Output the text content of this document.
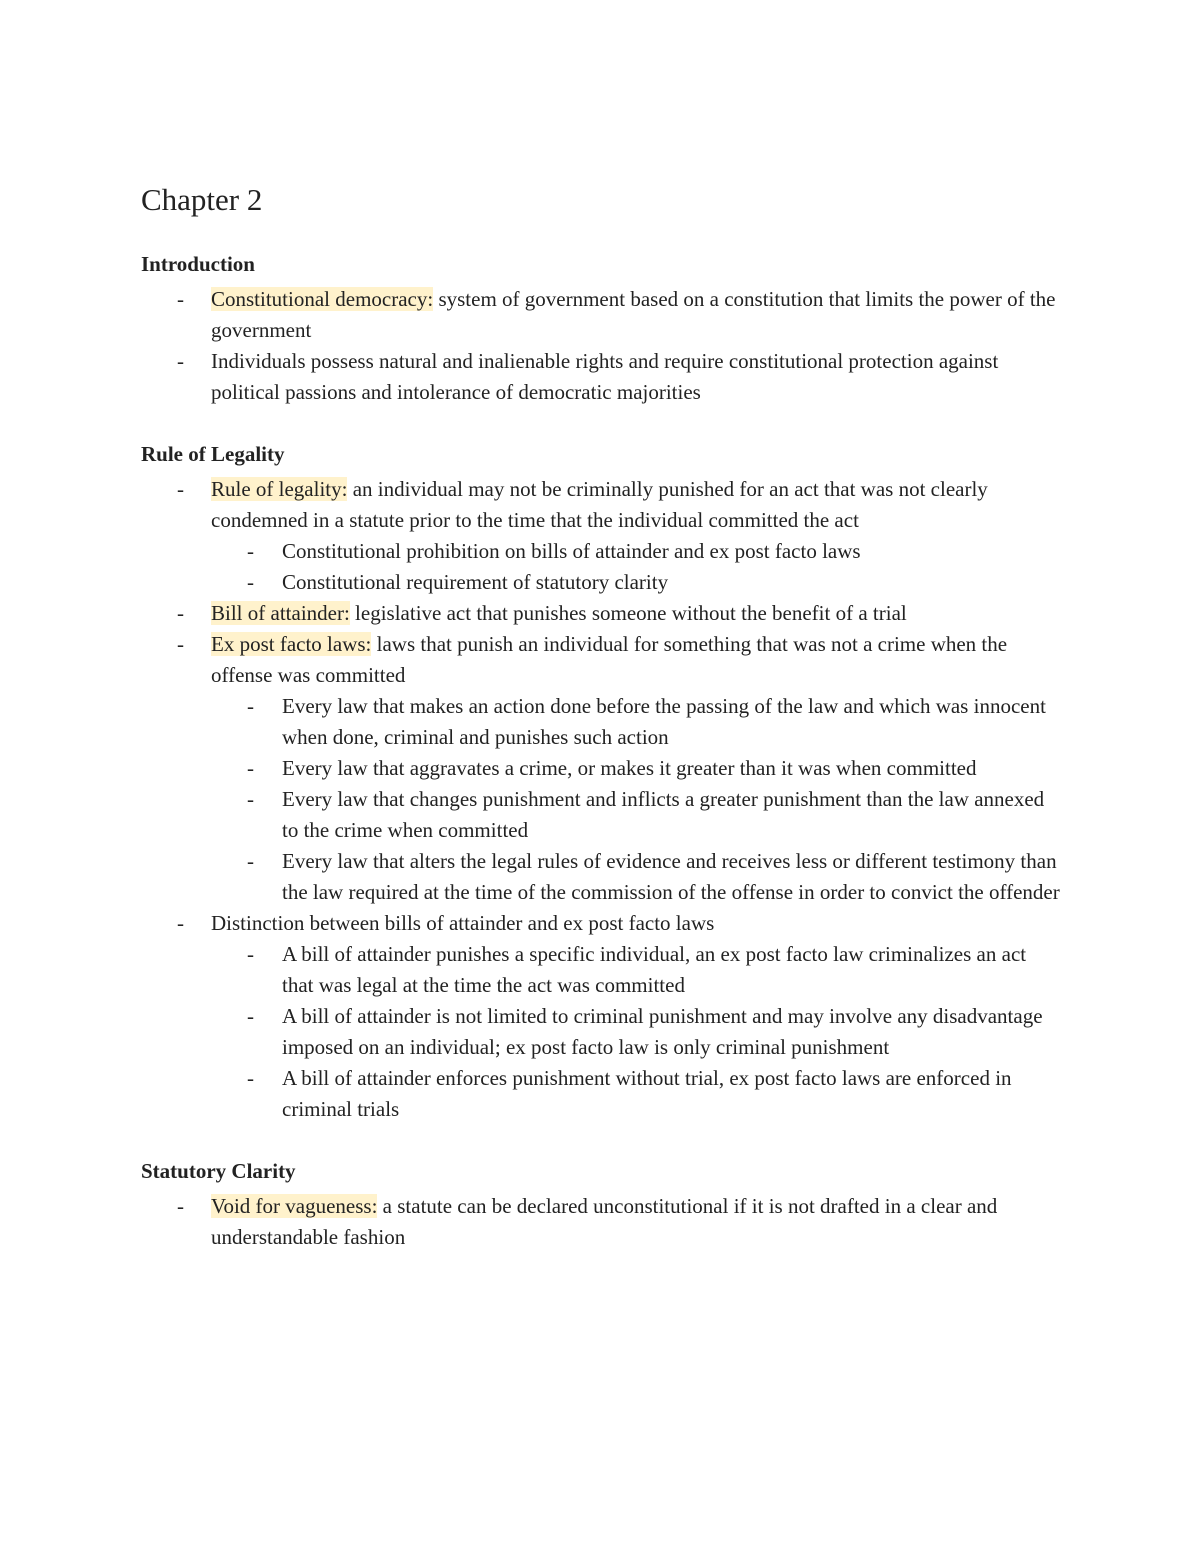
Chapter 2
Introduction
- Constitutional democracy: system of government based on a constitution that limits the power of the government
- Individuals possess natural and inalienable rights and require constitutional protection against political passions and intolerance of democratic majorities
Rule of Legality
- Rule of legality: an individual may not be criminally punished for an act that was not clearly condemned in a statute prior to the time that the individual committed the act
- Constitutional prohibition on bills of attainder and ex post facto laws
- Constitutional requirement of statutory clarity
- Bill of attainder: legislative act that punishes someone without the benefit of a trial
- Ex post facto laws: laws that punish an individual for something that was not a crime when the offense was committed
- Every law that makes an action done before the passing of the law and which was innocent when done, criminal and punishes such action
- Every law that aggravates a crime, or makes it greater than it was when committed
- Every law that changes punishment and inflicts a greater punishment than the law annexed to the crime when committed
- Every law that alters the legal rules of evidence and receives less or different testimony than the law required at the time of the commission of the offense in order to convict the offender
- Distinction between bills of attainder and ex post facto laws
- A bill of attainder punishes a specific individual, an ex post facto law criminalizes an act that was legal at the time the act was committed
- A bill of attainder is not limited to criminal punishment and may involve any disadvantage imposed on an individual; ex post facto law is only criminal punishment
- A bill of attainder enforces punishment without trial, ex post facto laws are enforced in criminal trials
Statutory Clarity
- Void for vagueness: a statute can be declared unconstitutional if it is not drafted in a clear and understandable fashion
